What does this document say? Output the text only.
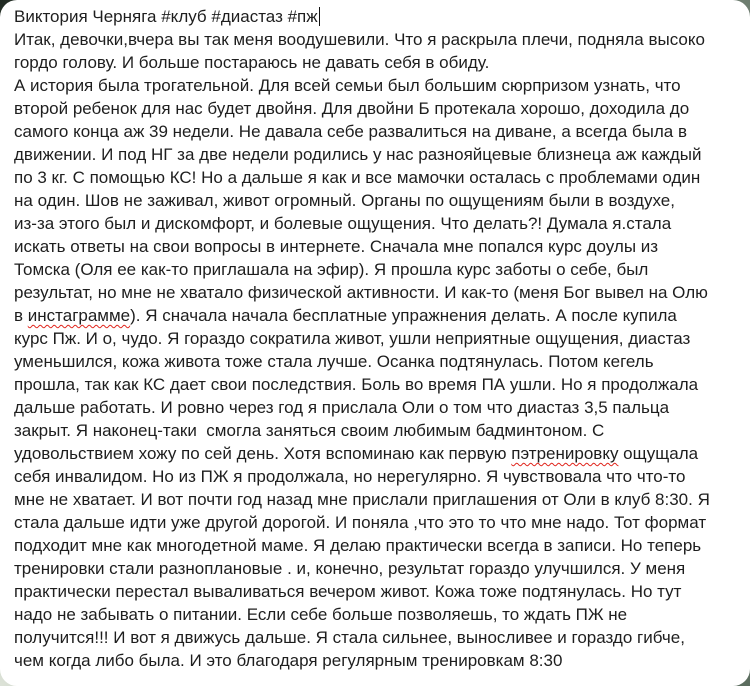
Виктория Черняга #клуб #диастаз #пж
Итак, девочки,вчера вы так меня воодушевили. Что я раскрыла плечи, подняла высоко
гордо голову. И больше постараюсь не давать себя в обиду.
А история была трогательной. Для всей семьи был большим сюрпризом узнать, что
второй ребенок для нас будет двойня. Для двойни Б протекала хорошо, доходила до
самого конца аж 39 недели. Не давала себе развалиться на диване, а всегда была в
движении. И под НГ за две недели родились у нас разнояйцевые близнеца аж каждый
по 3 кг. С помощью КС! Но а дальше я как и все мамочки осталась с проблемами один
на один. Шов не заживал, живот огромный. Органы по ощущениям были в воздухе,
из-за этого был и дискомфорт, и болевые ощущения. Что делать?! Думала я.стала
искать ответы на свои вопросы в интернете. Сначала мне попался курс доулы из
Томска (Оля ее как-то приглашала на эфир). Я прошла курс заботы о себе, был
результат, но мне не хватало физической активности. И как-то (меня Бог вывел на Олю
в инстаграмме). Я сначала начала бесплатные упражнения делать. А после купила
курс Пж. И о, чудо. Я гораздо сократила живот, ушли неприятные ощущения, диастаз
уменьшился, кожа живота тоже стала лучше. Осанка подтянулась. Потом кегель
прошла, так как КС дает свои последствия. Боль во время ПА ушли. Но я продолжала
дальше работать. И ровно через год я прислала Оли о том что диастаз 3,5 пальца
закрыт. Я наконец-таки  смогла заняться своим любимым бадминтоном. С
удовольствием хожу по сей день. Хотя вспоминаю как первую пэтренировку ощущала
себя инвалидом. Но из ПЖ я продолжала, но нерегулярно. Я чувствовала что что-то
мне не хватает. И вот почти год назад мне прислали приглашения от Оли в клуб 8:30. Я
стала дальше идти уже другой дорогой. И поняла ,что это то что мне надо. Тот формат
подходит мне как многодетной маме. Я делаю практически всегда в записи. Но теперь
тренировки стали разноплановые . и, конечно, результат гораздо улучшился. У меня
практически перестал вываливаться вечером живот. Кожа тоже подтянулась. Но тут
надо не забывать о питании. Если себе больше позволяешь, то ждать ПЖ не
получится!!! И вот я движусь дальше. Я стала сильнее, выносливее и гораздо гибче,
чем когда либо была. И это благодаря регулярным тренировкам 8:30
